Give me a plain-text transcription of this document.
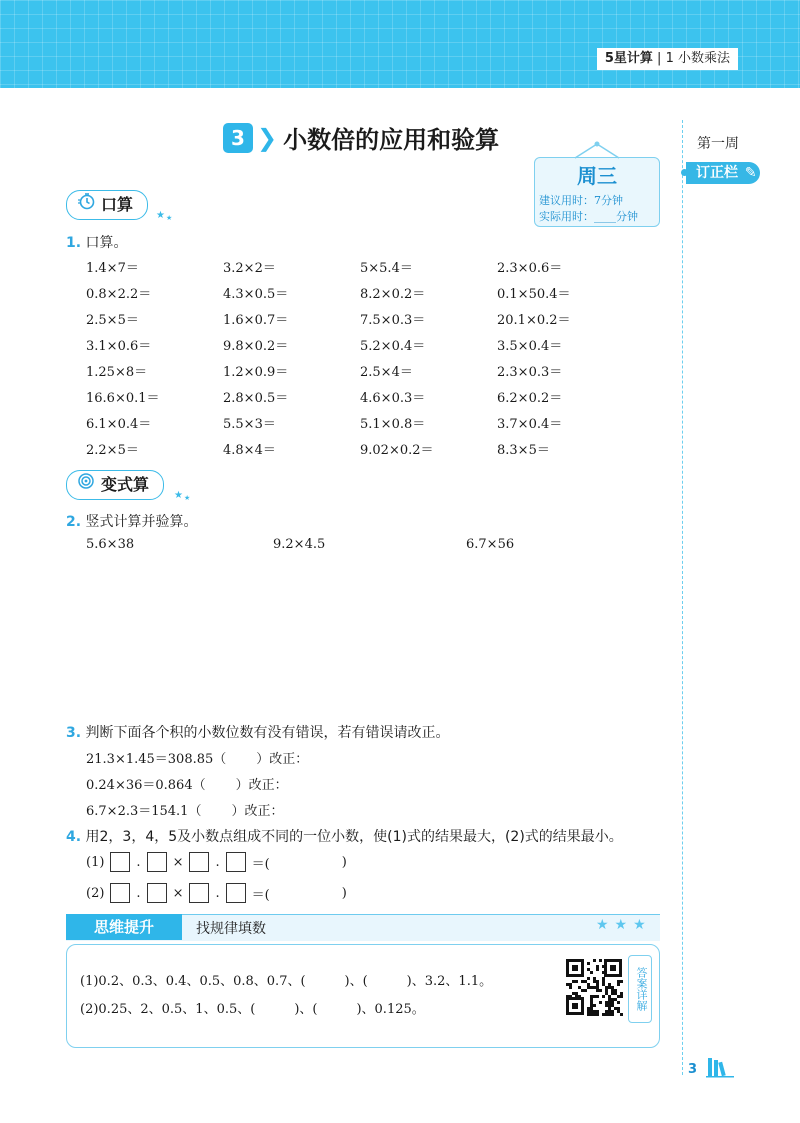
5星计算 | 1 小数乘法
第一周
订正栏 ✎
3 ❯ 小数倍的应用和验算
周三
建议用时：7分钟
实际用时：____分钟
口算
★ ★
1. 口算。
1.4×7＝	3.2×2＝	5×5.4＝	2.3×0.6＝
0.8×2.2＝	4.3×0.5＝	8.2×0.2＝	0.1×50.4＝
2.5×5＝	1.6×0.7＝	7.5×0.3＝	20.1×0.2＝
3.1×0.6＝	9.8×0.2＝	5.2×0.4＝	3.5×0.4＝
1.25×8＝	1.2×0.9＝	2.5×4＝	2.3×0.3＝
16.6×0.1＝	2.8×0.5＝	4.6×0.3＝	6.2×0.2＝
6.1×0.4＝	5.5×3＝	5.1×0.8＝	3.7×0.4＝
2.2×5＝	4.8×4＝	9.02×0.2＝	8.3×5＝
变式算
★ ★
2. 竖式计算并验算。
5.6×38	9.2×4.5	6.7×56
3. 判断下面各个积的小数位数有没有错误，若有错误请改正。
21.3×1.45＝308.85（ ）改正：
0.24×36＝0.864（ ）改正：
6.7×2.3＝154.1（ ）改正：
4. 用2，3，4，5及小数点组成不同的一位小数，使(1)式的结果最大，(2)式的结果最小。
(1) . × . ＝(	)
(2) . × . ＝(	)
思维提升	找规律填数	★★★
(1)0.2、0.3、0.4、0.5、0.8、0.7、(　　　)、(　　　)、3.2、1.1。
(2)0.25、2、0.5、1、0.5、(　　　)、(　　　)、0.125。	答案详解
3
